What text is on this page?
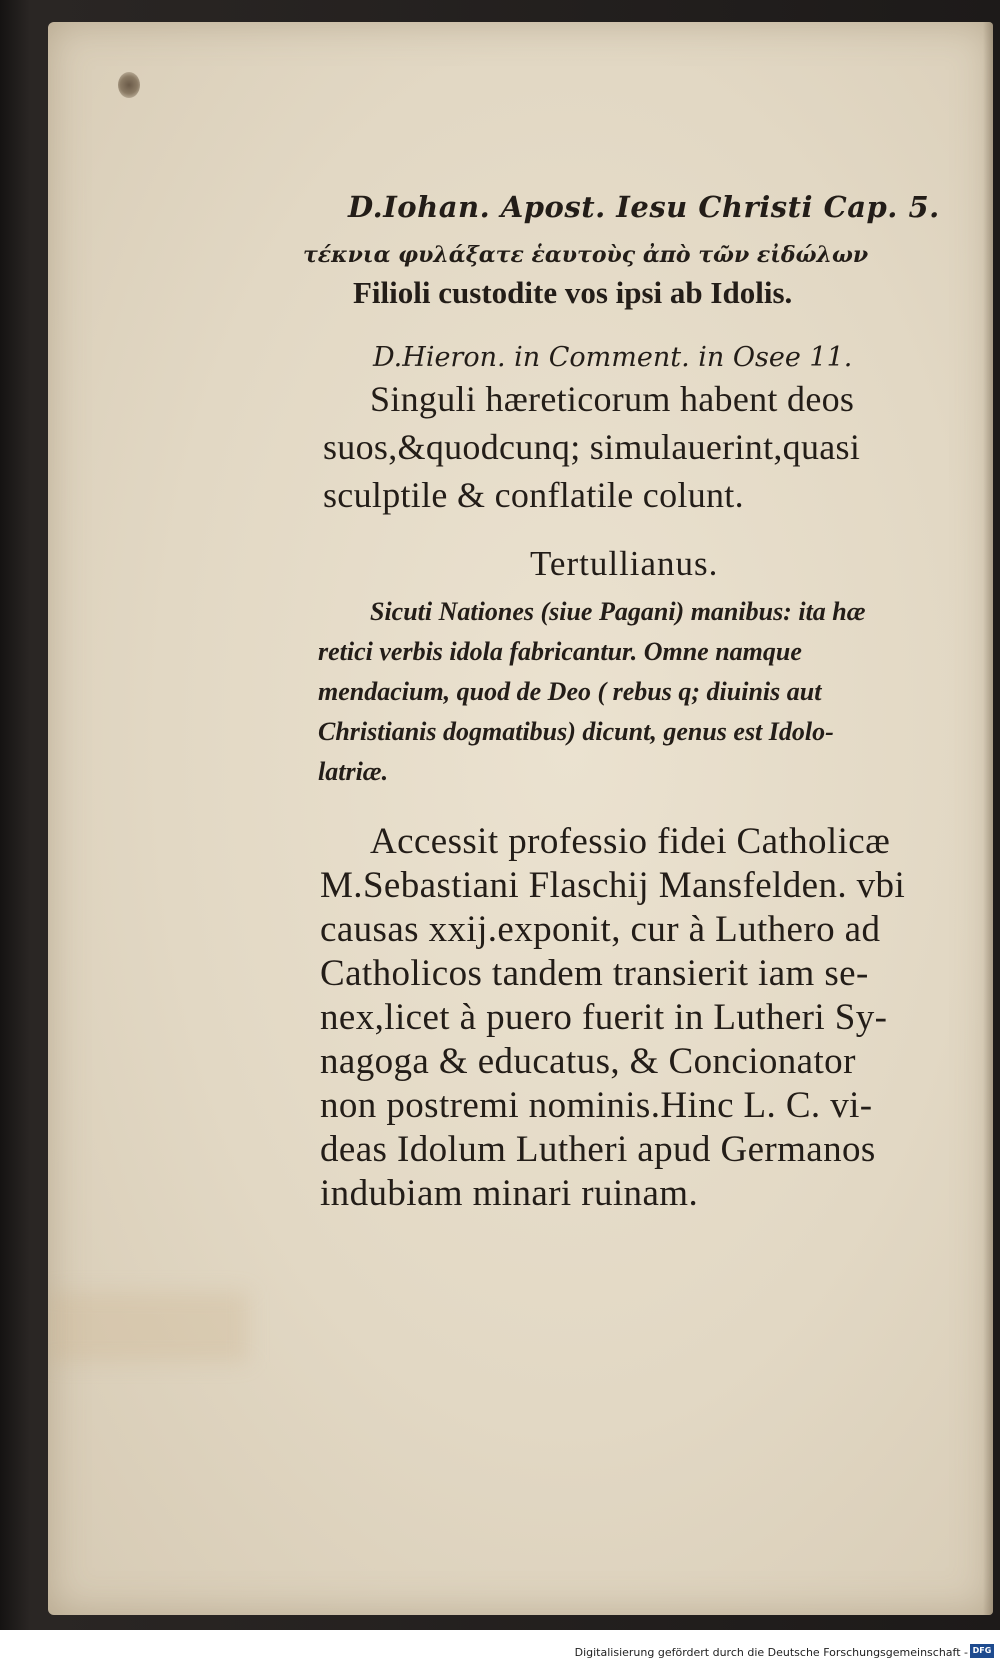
D.Iohan. Apost. Iesu Christi Cap. 5.

τέκνια φυλάξατε ἑαυτοὺς ἀπὸ τῶν εἰδώλων

Filioli custodite vos ipsi ab Idolis.

D.Hieron. in Comment. in Osee 11.

Singuli hæreticorum habent deos

suos,&quodcunq; simulauerint,quasi

sculptile & conflatile colunt.

Tertullianus.

Sicuti Nationes (siue Pagani) manibus: ita hæ

retici verbis idola fabricantur. Omne namque

mendacium, quod de Deo ( rebus q; diuinis aut

Christianis dogmatibus) dicunt, genus est Idolo-

latriæ.

Accessit professio fidei Catholicæ

M.Sebastiani Flaschij Mansfelden. vbi

causas xxij.exponit, cur à Luthero ad

Catholicos tandem transierit iam se-

nex,licet à puero fuerit in Lutheri Sy-

nagoga & educatus, & Concionator

non postremi nominis.Hinc L. C. vi-

deas Idolum Lutheri apud Germanos

indubiam minari ruinam.

Digitalisierung gefördert durch die Deutsche Forschungsgemeinschaft - DFG
